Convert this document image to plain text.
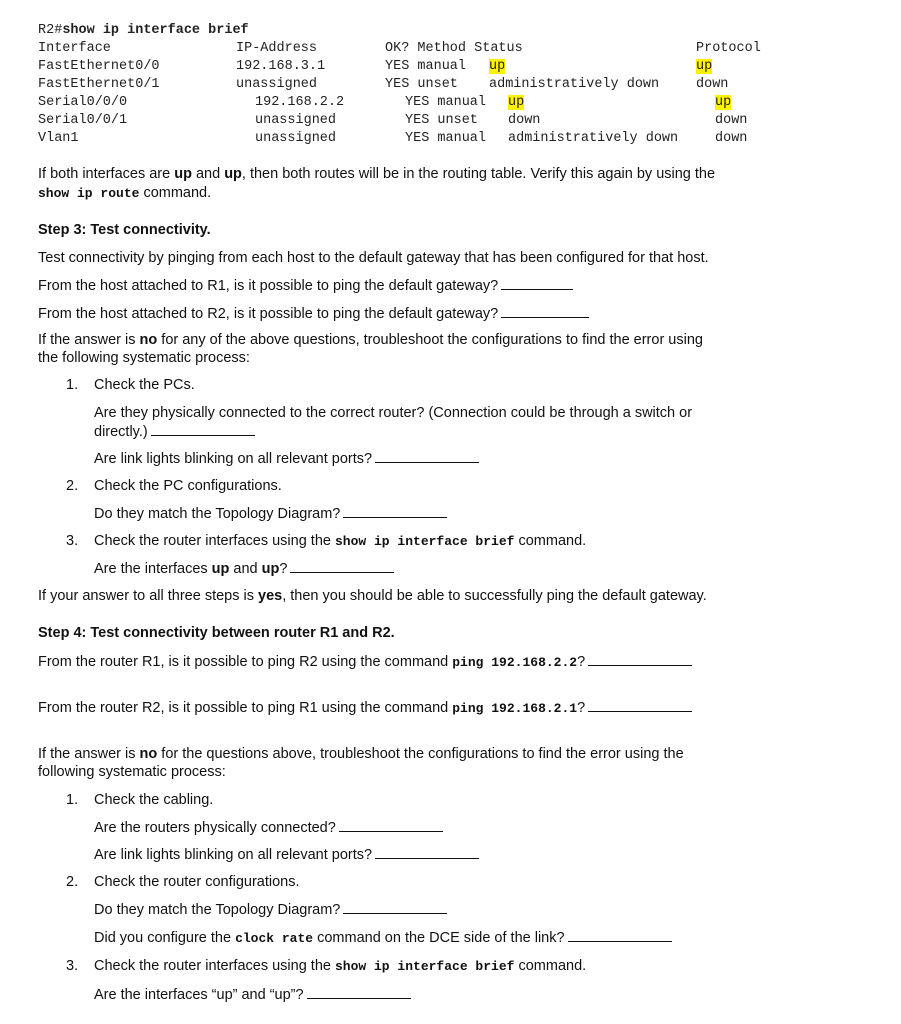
R2#show ip interface brief
Interface	IP-Address	OK? Method Status	Protocol
FastEthernet0/0	192.168.3.1	YES manual up	up
FastEthernet0/1	unassigned	YES unset administratively down	down
Serial0/0/0	192.168.2.2	YES manual up	up
Serial0/0/1	unassigned	YES unset down	down
Vlan1	unassigned	YES manual administratively down	down
If both interfaces are up and up, then both routes will be in the routing table. Verify this again by using the
show ip route command.
Step 3: Test connectivity.
Test connectivity by pinging from each host to the default gateway that has been configured for that host.
From the host attached to R1, is it possible to ping the default gateway?
From the host attached to R2, is it possible to ping the default gateway?
If the answer is no for any of the above questions, troubleshoot the configurations to find the error using
the following systematic process:
1. Check the PCs.
Are they physically connected to the correct router? (Connection could be through a switch or
directly.)
Are link lights blinking on all relevant ports?
2. Check the PC configurations.
Do they match the Topology Diagram?
3. Check the router interfaces using the show ip interface brief command.
Are the interfaces up and up?
If your answer to all three steps is yes, then you should be able to successfully ping the default gateway.
Step 4: Test connectivity between router R1 and R2.
From the router R1, is it possible to ping R2 using the command ping 192.168.2.2?
From the router R2, is it possible to ping R1 using the command ping 192.168.2.1?
If the answer is no for the questions above, troubleshoot the configurations to find the error using the
following systematic process:
1. Check the cabling.
Are the routers physically connected?
Are link lights blinking on all relevant ports?
2. Check the router configurations.
Do they match the Topology Diagram?
Did you configure the clock rate command on the DCE side of the link?
3. Check the router interfaces using the show ip interface brief command.
Are the interfaces “up” and “up”?
